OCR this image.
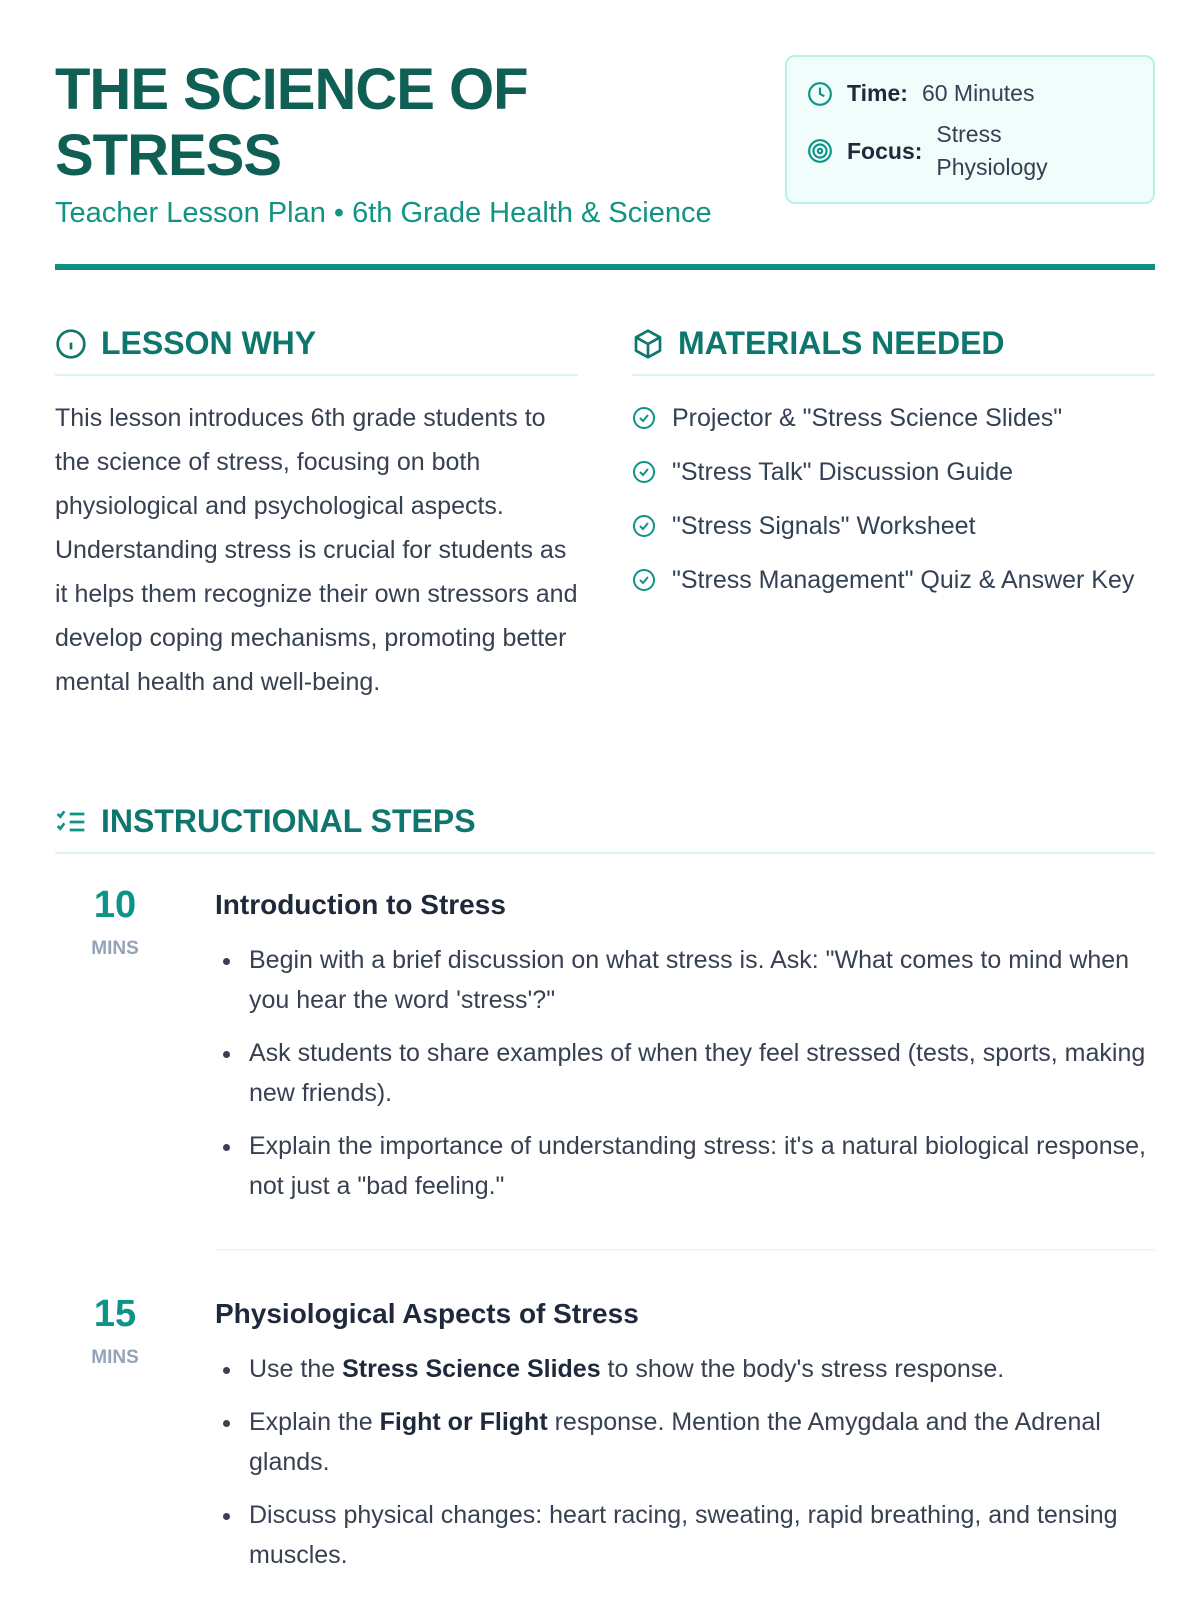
THE SCIENCE OF STRESS
Teacher Lesson Plan • 6th Grade Health & Science
Time: 60 Minutes
Focus:
Stress Physiology
LESSON WHY

This lesson introduces 6th grade students to the science of stress, focusing on both physiological and psychological aspects. Understanding stress is crucial for students as it helps them recognize their own stressors and develop coping mechanisms, promoting better mental health and well-being.

MATERIALS NEEDED
Projector & "Stress Science Slides"
"Stress Talk" Discussion Guide
"Stress Signals" Worksheet
"Stress Management" Quiz & Answer Key
INSTRUCTIONAL STEPS
10
MINS
Introduction to Stress
Begin with a brief discussion on what stress is. Ask: "What comes to mind when you hear the word 'stress'?"
Ask students to share examples of when they feel stressed (tests, sports, making new friends).
Explain the importance of understanding stress: it's a natural biological response, not just a "bad feeling."
15
MINS
Physiological Aspects of Stress
Use the Stress Science Slides to show the body's stress response.
Explain the Fight or Flight response. Mention the Amygdala and the Adrenal glands.
Discuss physical changes: heart racing, sweating, rapid breathing, and tensing muscles.
